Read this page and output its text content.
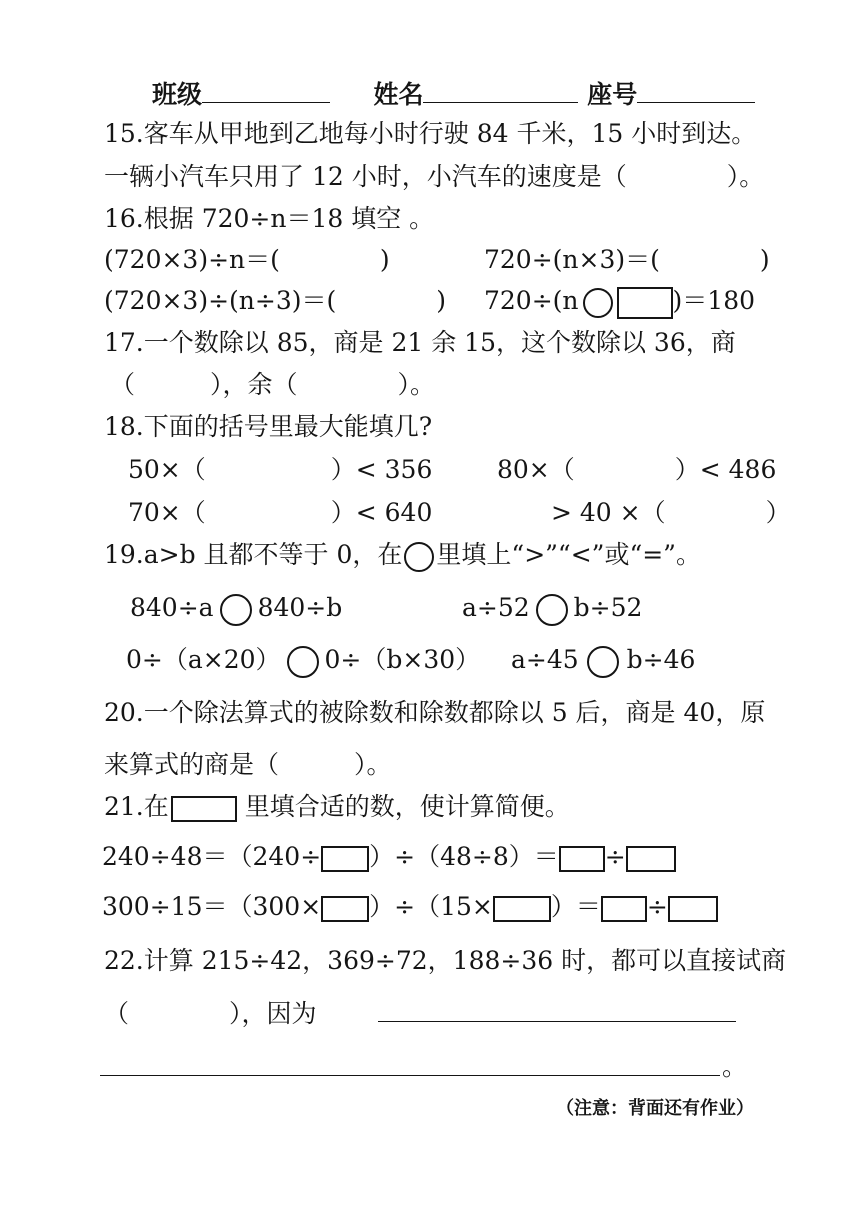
班级	姓名	座号
15.客车从甲地到乙地每小时行驶 84 千米，15 小时到达。
一辆小汽车只用了 12 小时，小汽车的速度是（	）。
16.根据 720÷n＝18 填空 。
(720×3)÷n＝(　　　　)	720÷(n×3)＝(　　　　)
(720×3)÷(n÷3)＝(　　　　) 720÷(n	)＝180
17.一个数除以 85，商是 21 余 15，这个数除以 36，商
（　　　），余（　　　　）。
18.下面的括号里最大能填几?
50×（　　　　　）< 356	80×（　　　　）< 486
70×（　　　　　）< 640	> 40 ×（　　　　）
19.a>b 且都不等于 0，在 里填上“>”“<”或“=”。
840÷a 840÷b	a÷52 b÷52
0÷（a×20） 0÷（b×30） a÷45 b÷46
20.一个除法算式的被除数和除数都除以 5 后，商是 40，原
来算式的商是（　　　）。
21.在	里填合适的数，使计算简便。
240÷48＝（240÷ ）÷（48÷8）＝ ÷
300÷15＝（300× ）÷（15× ）＝ ÷
22.计算 215÷42，369÷72，188÷36 时，都可以直接试商
（　　　　），因为
。
（注意：背面还有作业）
